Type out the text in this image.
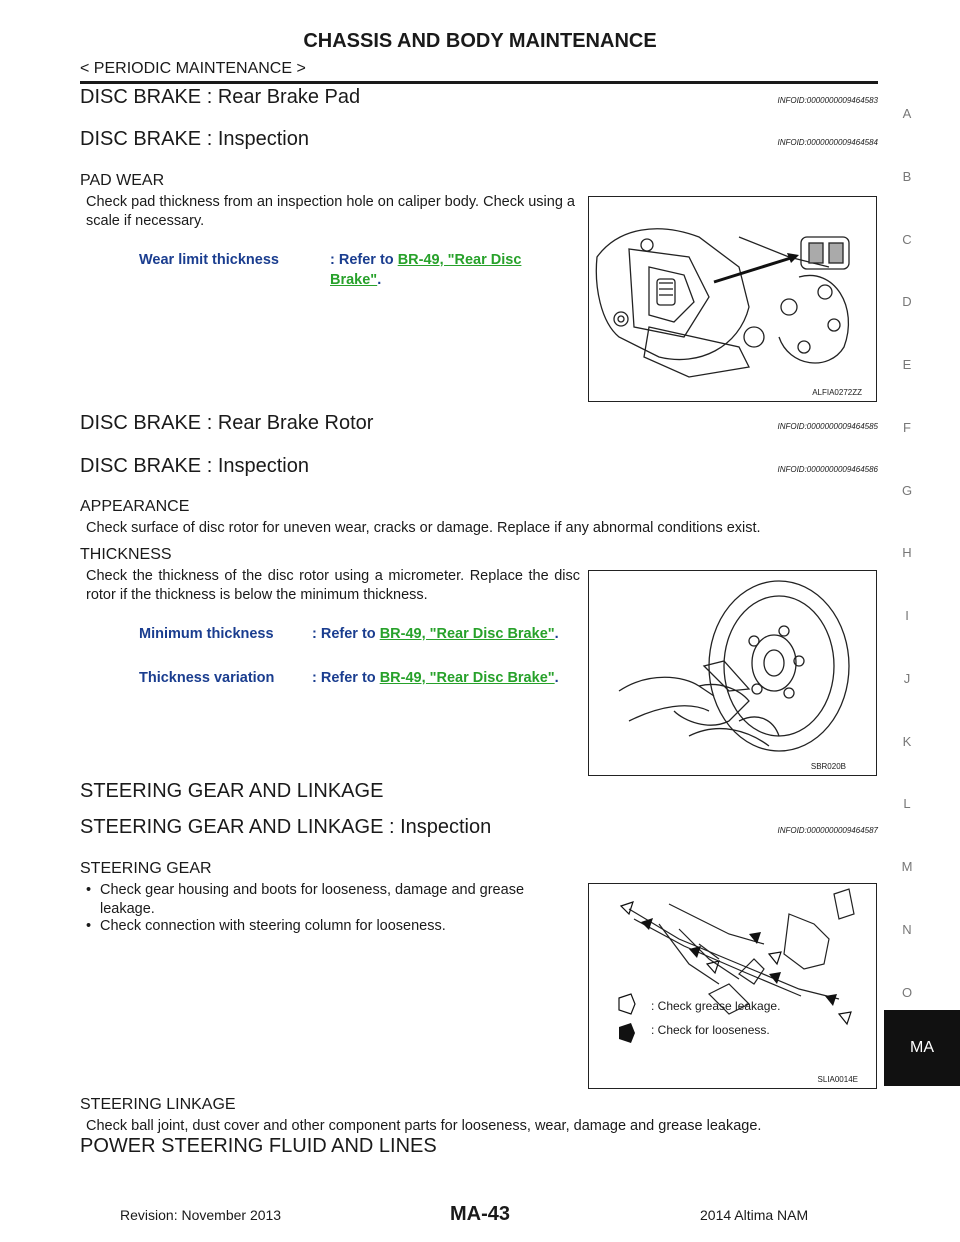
CHASSIS AND BODY MAINTENANCE
< PERIODIC MAINTENANCE >
A
B
C
D
E
F
G
H
I
J
K
L
M
N
O
MA
DISC BRAKE : Rear Brake Pad	INFOID:0000000009464583
DISC BRAKE : Inspection	INFOID:0000000009464584
PAD WEAR
Check pad thickness from an inspection hole on caliper body. Check using a scale if necessary.
Wear limit thickness	: Refer to BR-49, "Rear Disc Brake".
ALFIA0272ZZ
DISC BRAKE : Rear Brake Rotor	INFOID:0000000009464585
DISC BRAKE : Inspection	INFOID:0000000009464586
APPEARANCE
Check surface of disc rotor for uneven wear, cracks or damage. Replace if any abnormal conditions exist.
THICKNESS
Check the thickness of the disc rotor using a micrometer. Replace the disc rotor if the thickness is below the minimum thickness.
Minimum thickness	: Refer to BR-49, "Rear Disc Brake".
Thickness variation	: Refer to BR-49, "Rear Disc Brake".
SBR020B
STEERING GEAR AND LINKAGE
STEERING GEAR AND LINKAGE : Inspection	INFOID:0000000009464587
STEERING GEAR
• Check gear housing and boots for looseness, damage and grease leakage.
• Check connection with steering column for looseness.
: Check grease leakage.
: Check for looseness.
SLIA0014E
STEERING LINKAGE
Check ball joint, dust cover and other component parts for looseness, wear, damage and grease leakage.
POWER STEERING FLUID AND LINES
Revision: November 2013	MA-43	2014 Altima NAM
